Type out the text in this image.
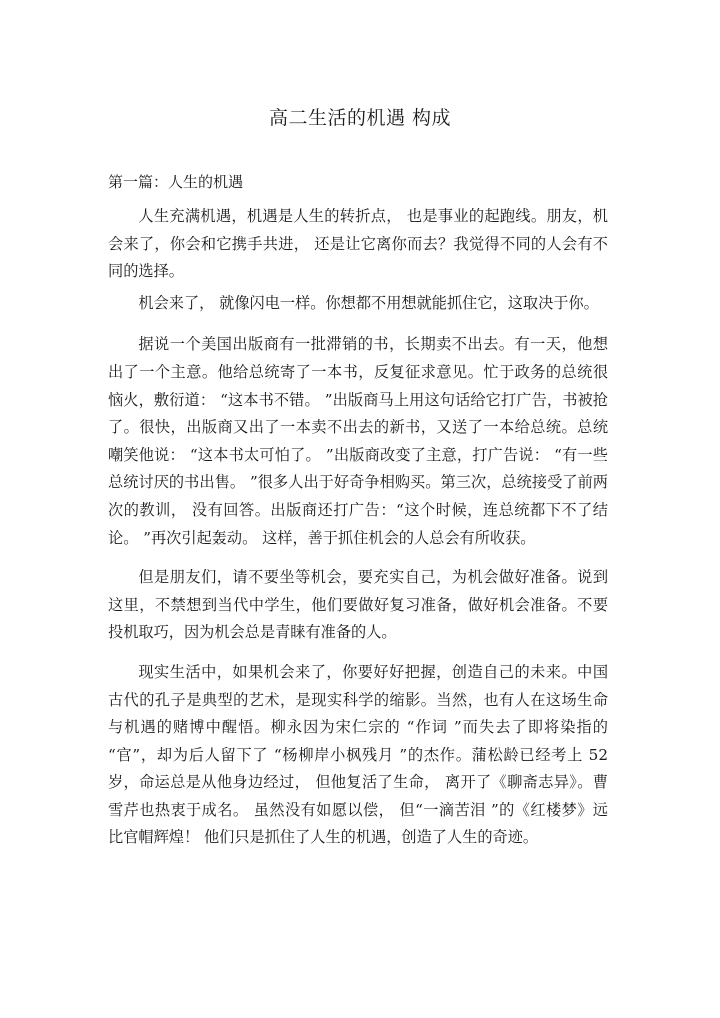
高二生活的机遇 构成
第一篇：人生的机遇

人生充满机遇，机遇是人生的转折点， 也是事业的起跑线。朋友，机会来了，你会和它携手共进， 还是让它离你而去？我觉得不同的人会有不同的选择。

机会来了， 就像闪电一样。你想都不用想就能抓住它，这取决于你。

据说一个美国出版商有一批滞销的书，长期卖不出去。有一天，他想出了一个主意。他给总统寄了一本书，反复征求意见。忙于政务的总统很恼火，敷衍道： “这本书不错。 ”出版商马上用这句话给它打广告，书被抢了。很快，出版商又出了一本卖不出去的新书，又送了一本给总统。总统嘲笑他说： “这本书太可怕了。 ”出版商改变了主意，打广告说： “有一些总统讨厌的书出售。 ”很多人出于好奇争相购买。第三次，总统接受了前两次的教训， 没有回答。出版商还打广告：“这个时候，连总统都下不了结论。 ”再次引起轰动。 这样，善于抓住机会的人总会有所收获。

但是朋友们，请不要坐等机会，要充实自己，为机会做好准备。说到这里，不禁想到当代中学生，他们要做好复习准备，做好机会准备。不要投机取巧，因为机会总是青睐有准备的人。

现实生活中，如果机会来了，你要好好把握，创造自己的未来。中国古代的孔子是典型的艺术，是现实科学的缩影。当然，也有人在这场生命与机遇的赌博中醒悟。柳永因为宋仁宗的 “作词 ”而失去了即将染指的 “官”，却为后人留下了 “杨柳岸小枫残月 ”的杰作。蒲松龄已经考上 52 岁，命运总是从他身边经过， 但他复活了生命， 离开了《聊斋志异》。曹雪芹也热衷于成名。 虽然没有如愿以偿， 但“一滴苦泪 ”的《红楼梦》远比官帽辉煌！ 他们只是抓住了人生的机遇，创造了人生的奇迹。
